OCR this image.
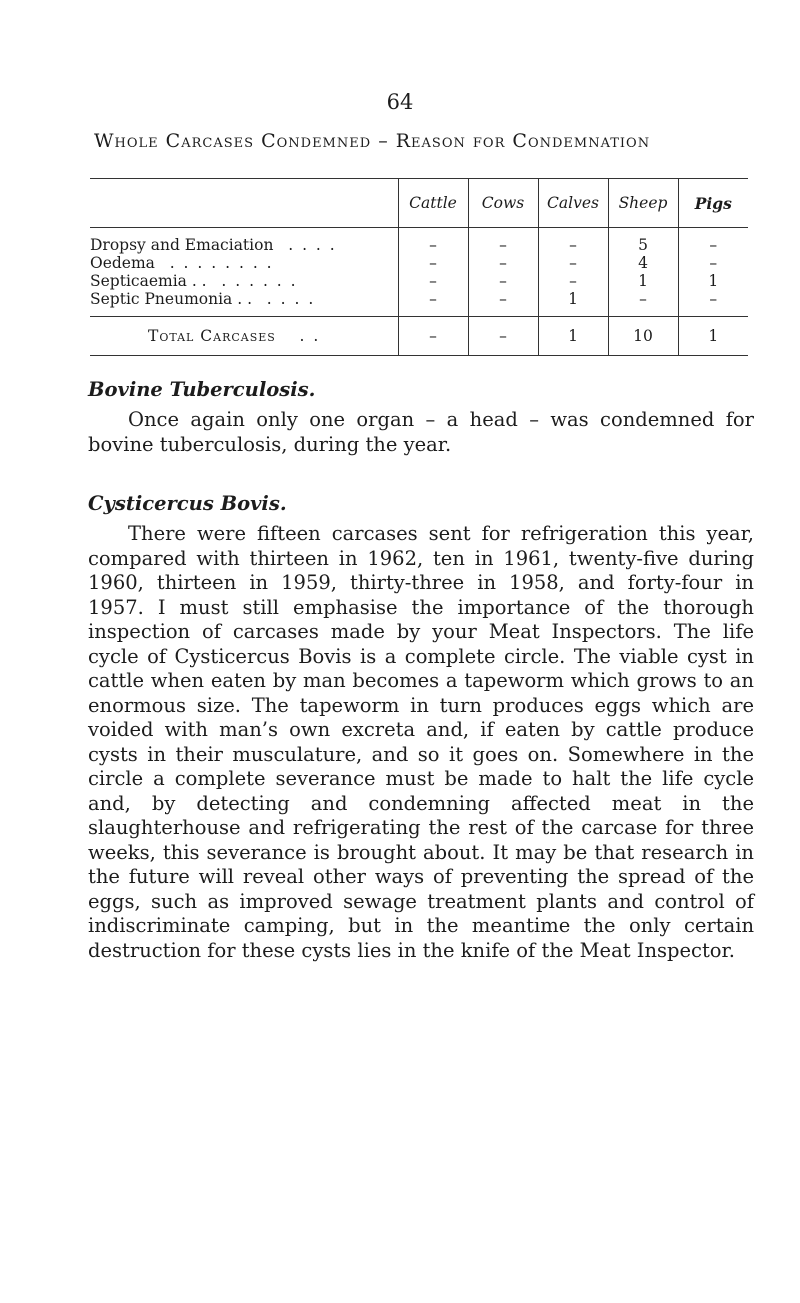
64
Whole Carcases Condemned – Reason for Condemnation
	Cattle	Cows	Calves	Sheep	Pigs
Dropsy and Emaciation . . . .	–	–	–	5	–
Oedema . . . . . . . .	–	–	–	4	–
Septicaemia . . . . . . . .	–	–	–	1	1
Septic Pneumonia . . . . . .	–	–	1	–	–
Total Carcases . .	–	–	1	10	1
Bovine Tuberculosis.
Once again only one organ – a head – was condemned for bovine tuberculosis, during the year.
Cysticercus Bovis.
There were fifteen carcases sent for refrigeration this year, compared with thirteen in 1962, ten in 1961, twenty-five during 1960, thirteen in 1959, thirty-three in 1958, and forty-four in 1957. I must still emphasise the importance of the thorough inspection of carcases made by your Meat Inspectors. The life cycle of Cysticercus Bovis is a complete circle. The viable cyst in cattle when eaten by man becomes a tapeworm which grows to an enormous size. The tapeworm in turn produces eggs which are voided with man’s own excreta and, if eaten by cattle produce cysts in their musculature, and so it goes on. Somewhere in the circle a complete severance must be made to halt the life cycle and, by detecting and condemning affected meat in the slaughterhouse and refrigerating the rest of the carcase for three weeks, this severance is brought about. It may be that research in the future will reveal other ways of preventing the spread of the eggs, such as improved sewage treatment plants and control of indiscriminate camping, but in the meantime the only certain destruction for these cysts lies in the knife of the Meat Inspector.
